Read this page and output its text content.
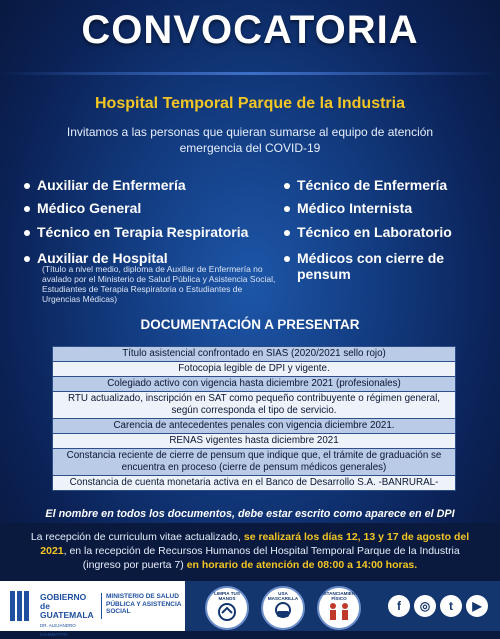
CONVOCATORIA
Hospital Temporal Parque de la Industria
Invitamos a las personas que quieran sumarse al equipo de atención emergencia del COVID-19
Auxiliar de Enfermería
Médico General
Técnico en Terapia Respiratoria
Auxiliar de Hospital
(Título a nivel medio, diploma de Auxiliar de Enfermería no avalado por el Ministerio de Salud Pública y Asistencia Social, Estudiantes de Terapia Respiratoria o Estudiantes de Urgencias Médicas)
Técnico de Enfermería
Médico Internista
Técnico en Laboratorio
Médicos con cierre de pensum
DOCUMENTACIÓN A PRESENTAR
Título asistencial confrontado en SIAS (2020/2021 sello rojo)
Fotocopia legible de DPI y vigente.
Colegiado activo con vigencia hasta diciembre 2021 (profesionales)
RTU actualizado, inscripción en SAT como pequeño contribuyente o régimen general, según corresponda el tipo de servicio.
Carencia de antecedentes penales con vigencia diciembre 2021.
RENAS vigentes hasta diciembre 2021
Constancia reciente de cierre de pensum que indique que, el trámite de graduación se encuentra en proceso (cierre de pensum médicos generales)
Constancia de cuenta monetaria activa en el Banco de Desarrollo S.A. -BANRURAL-
El nombre en todos los documentos, debe estar escrito como aparece en el DPI

La recepción de curriculum vitae actualizado, se realizará los días 12, 13 y 17 de agosto del 2021, en la recepción de Recursos Humanos del Hospital Temporal Parque de la Industria (ingreso por puerta 7) en horario de atención de 08:00 a 14:00 horas.

GOBIERNO de
GUATEMALA
DR. ALEJANDRO GIAMMATTEI
MINISTERIO DE SALUD PÚBLICA Y ASISTENCIA SOCIAL
LIMPIA TUS MANOS
USA MASCARILLA
DISTANCIAMIENTO FÍSICO
f	◎	t	▶
